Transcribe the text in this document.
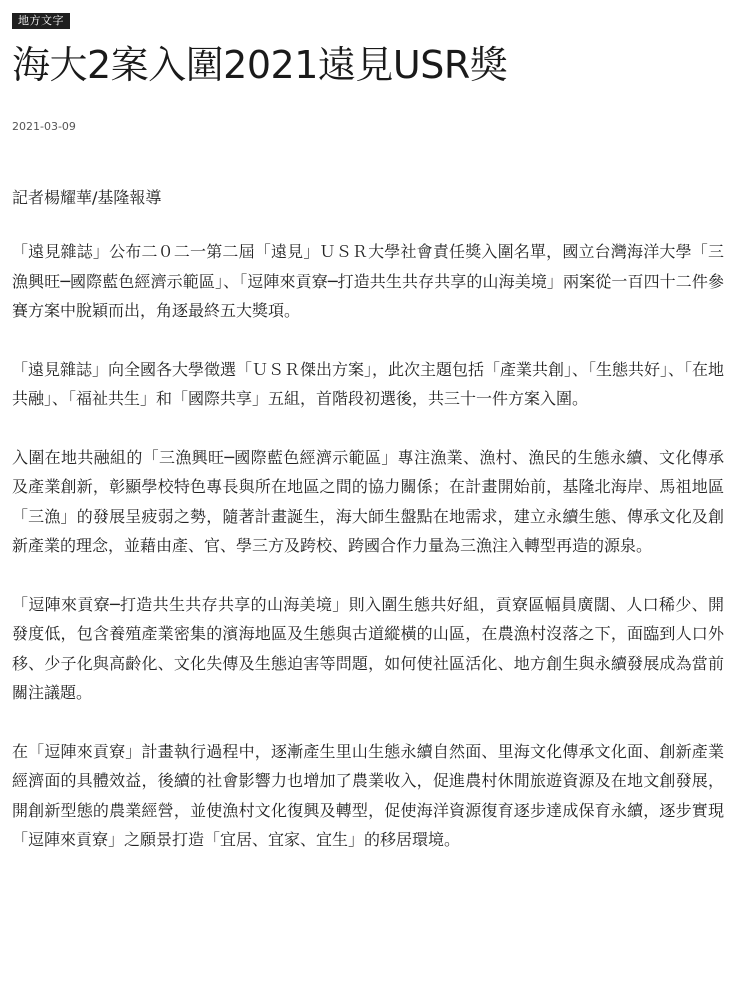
地方文字
海大2案入圍2021遠見USR獎
2021-03-09
記者楊耀華/基隆報導

「遠見雜誌」公布二０二一第二屆「遠見」ＵＳＲ大學社會責任獎入圍名單，國立台灣海洋大學「三漁興旺─國際藍色經濟示範區」、「逗陣來貢寮─打造共生共存共享的山海美境」兩案從一百四十二件參賽方案中脫穎而出，角逐最終五大獎項。

「遠見雜誌」向全國各大學徵選「ＵＳＲ傑出方案」，此次主題包括「產業共創」、「生態共好」、「在地共融」、「福祉共生」和「國際共享」五組，首階段初選後，共三十一件方案入圍。

入圍在地共融組的「三漁興旺─國際藍色經濟示範區」專注漁業、漁村、漁民的生態永續、文化傳承及產業創新，彰顯學校特色專長與所在地區之間的協力關係；在計畫開始前，基隆北海岸、馬祖地區「三漁」的發展呈疲弱之勢，隨著計畫誕生，海大師生盤點在地需求，建立永續生態、傳承文化及創新產業的理念，並藉由產、官、學三方及跨校、跨國合作力量為三漁注入轉型再造的源泉。

「逗陣來貢寮─打造共生共存共享的山海美境」則入圍生態共好組，貢寮區幅員廣闊、人口稀少、開發度低，包含養殖產業密集的濱海地區及生態與古道縱橫的山區，在農漁村沒落之下，面臨到人口外移、少子化與高齡化、文化失傳及生態迫害等問題，如何使社區活化、地方創生與永續發展成為當前關注議題。

在「逗陣來貢寮」計畫執行過程中，逐漸產生里山生態永續自然面、里海文化傳承文化面、創新產業經濟面的具體效益，後續的社會影響力也增加了農業收入，促進農村休閒旅遊資源及在地文創發展，開創新型態的農業經營，並使漁村文化復興及轉型，促使海洋資源復育逐步達成保育永續，逐步實現「逗陣來貢寮」之願景打造「宜居、宜家、宜生」的移居環境。
